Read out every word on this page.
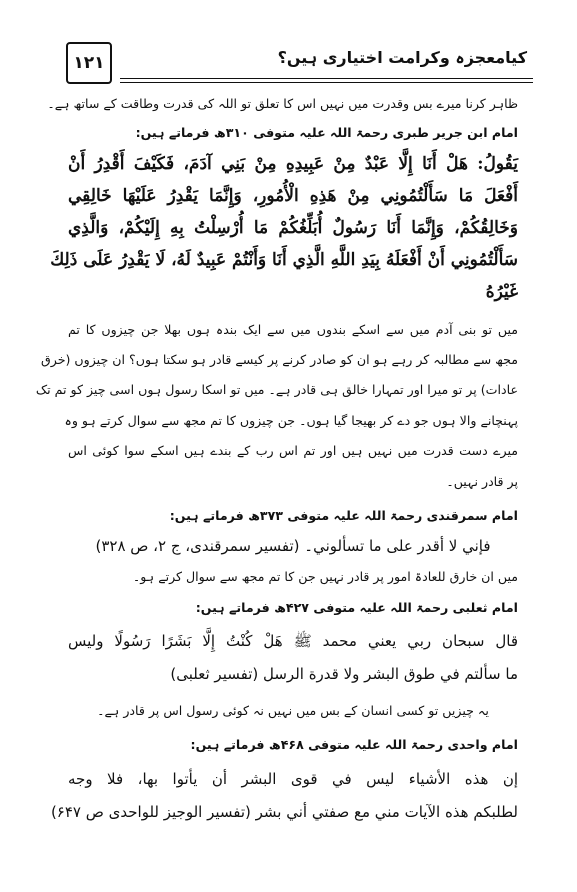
١٢١	کیامعجزہ وکرامت اختیاری ہیں؟
ظاہر کرنا میرے بس وقدرت میں نہیں اس کا تعلق تو اللہ کی قدرت وطاقت کے ساتھ ہے۔
امام ابن جریر طبری رحمۃ اللہ علیہ متوفی ۳۱۰ھ فرماتے ہیں:
يَقُولُ: هَلْ أَنَا إِلَّا عَبْدٌ مِنْ عَبِيدِهِ مِنْ بَنِي آدَمَ، فَكَيْفَ أَقْدِرُ أَنْ
أَفْعَلَ مَا سَأَلْتُمُونِي مِنْ هَذِهِ الْأُمُورِ، وَإِنَّمَا يَقْدِرُ عَلَيْهَا خَالِقِي
وَخَالِقُكُمْ، وَإِنَّمَا أَنَا رَسُولٌ أُبَلِّغُكُمْ مَا أُرْسِلْتُ بِهِ إِلَيْكُمْ، وَالَّذِي
سَأَلْتُمُونِي أَنْ أَفْعَلَهُ بِيَدِ اللَّهِ الَّذِي أَنَا وَأَنْتُمْ عَبِيدٌ لَهُ، لَا يَقْدِرُ عَلَى ذَلِكَ
غَيْرُهُ
میں تو بنی آدم میں سے اسکے بندوں میں سے ایک بندہ ہوں بھلا جن چیزوں کا تم
مجھ سے مطالبہ کر رہے ہو ان کو صادر کرنے پر کیسے قادر ہو سکتا ہوں؟ ان چیزوں (خرق
عادات) پر تو میرا اور تمہارا خالق ہی قادر ہے۔ میں تو اسکا رسول ہوں اسی چیز کو تم تک
پہنچانے والا ہوں جو دے کر بھیجا گیا ہوں۔ جن چیزوں کا تم مجھ سے سوال کرتے ہو وہ
میرے دست قدرت میں نہیں ہیں اور تم اس رب کے بندے ہیں اسکے سوا کوئی اس
پر قادر نہیں۔
امام سمرقندی رحمۃ اللہ علیہ متوفی ۳۷۳ھ فرماتے ہیں:
فإني لا أقدر على ما تسألوني۔ (تفسیر سمرقندی، ج ۲، ص ۳۲۸)
میں ان خارق للعادۃ امور پر قادر نہیں جن کا تم مجھ سے سوال کرتے ہو۔
امام ثعلبی رحمۃ اللہ علیہ متوفی ۴۲۷ھ فرماتے ہیں:
قال سبحان ربي يعني محمد ﷺ هَلْ كُنْتُ إِلَّا بَشَرًا رَسُولًا وليس
ما سألتم في طوق البشر ولا قدرة الرسل (تفسیر ثعلبی)
یہ چیزیں تو کسی انسان کے بس میں نہیں نہ کوئی رسول اس پر قادر ہے۔
امام واحدی رحمۃ اللہ علیہ متوفی ۴۶۸ھ فرماتے ہیں:
إن هذه الأشياء ليس في قوى البشر أن يأتوا بها، فلا وجه
لطلبكم هذه الآيات مني مع صفتي أني بشر (تفسیر الوجیز للواحدی ص ۶۴۷)
